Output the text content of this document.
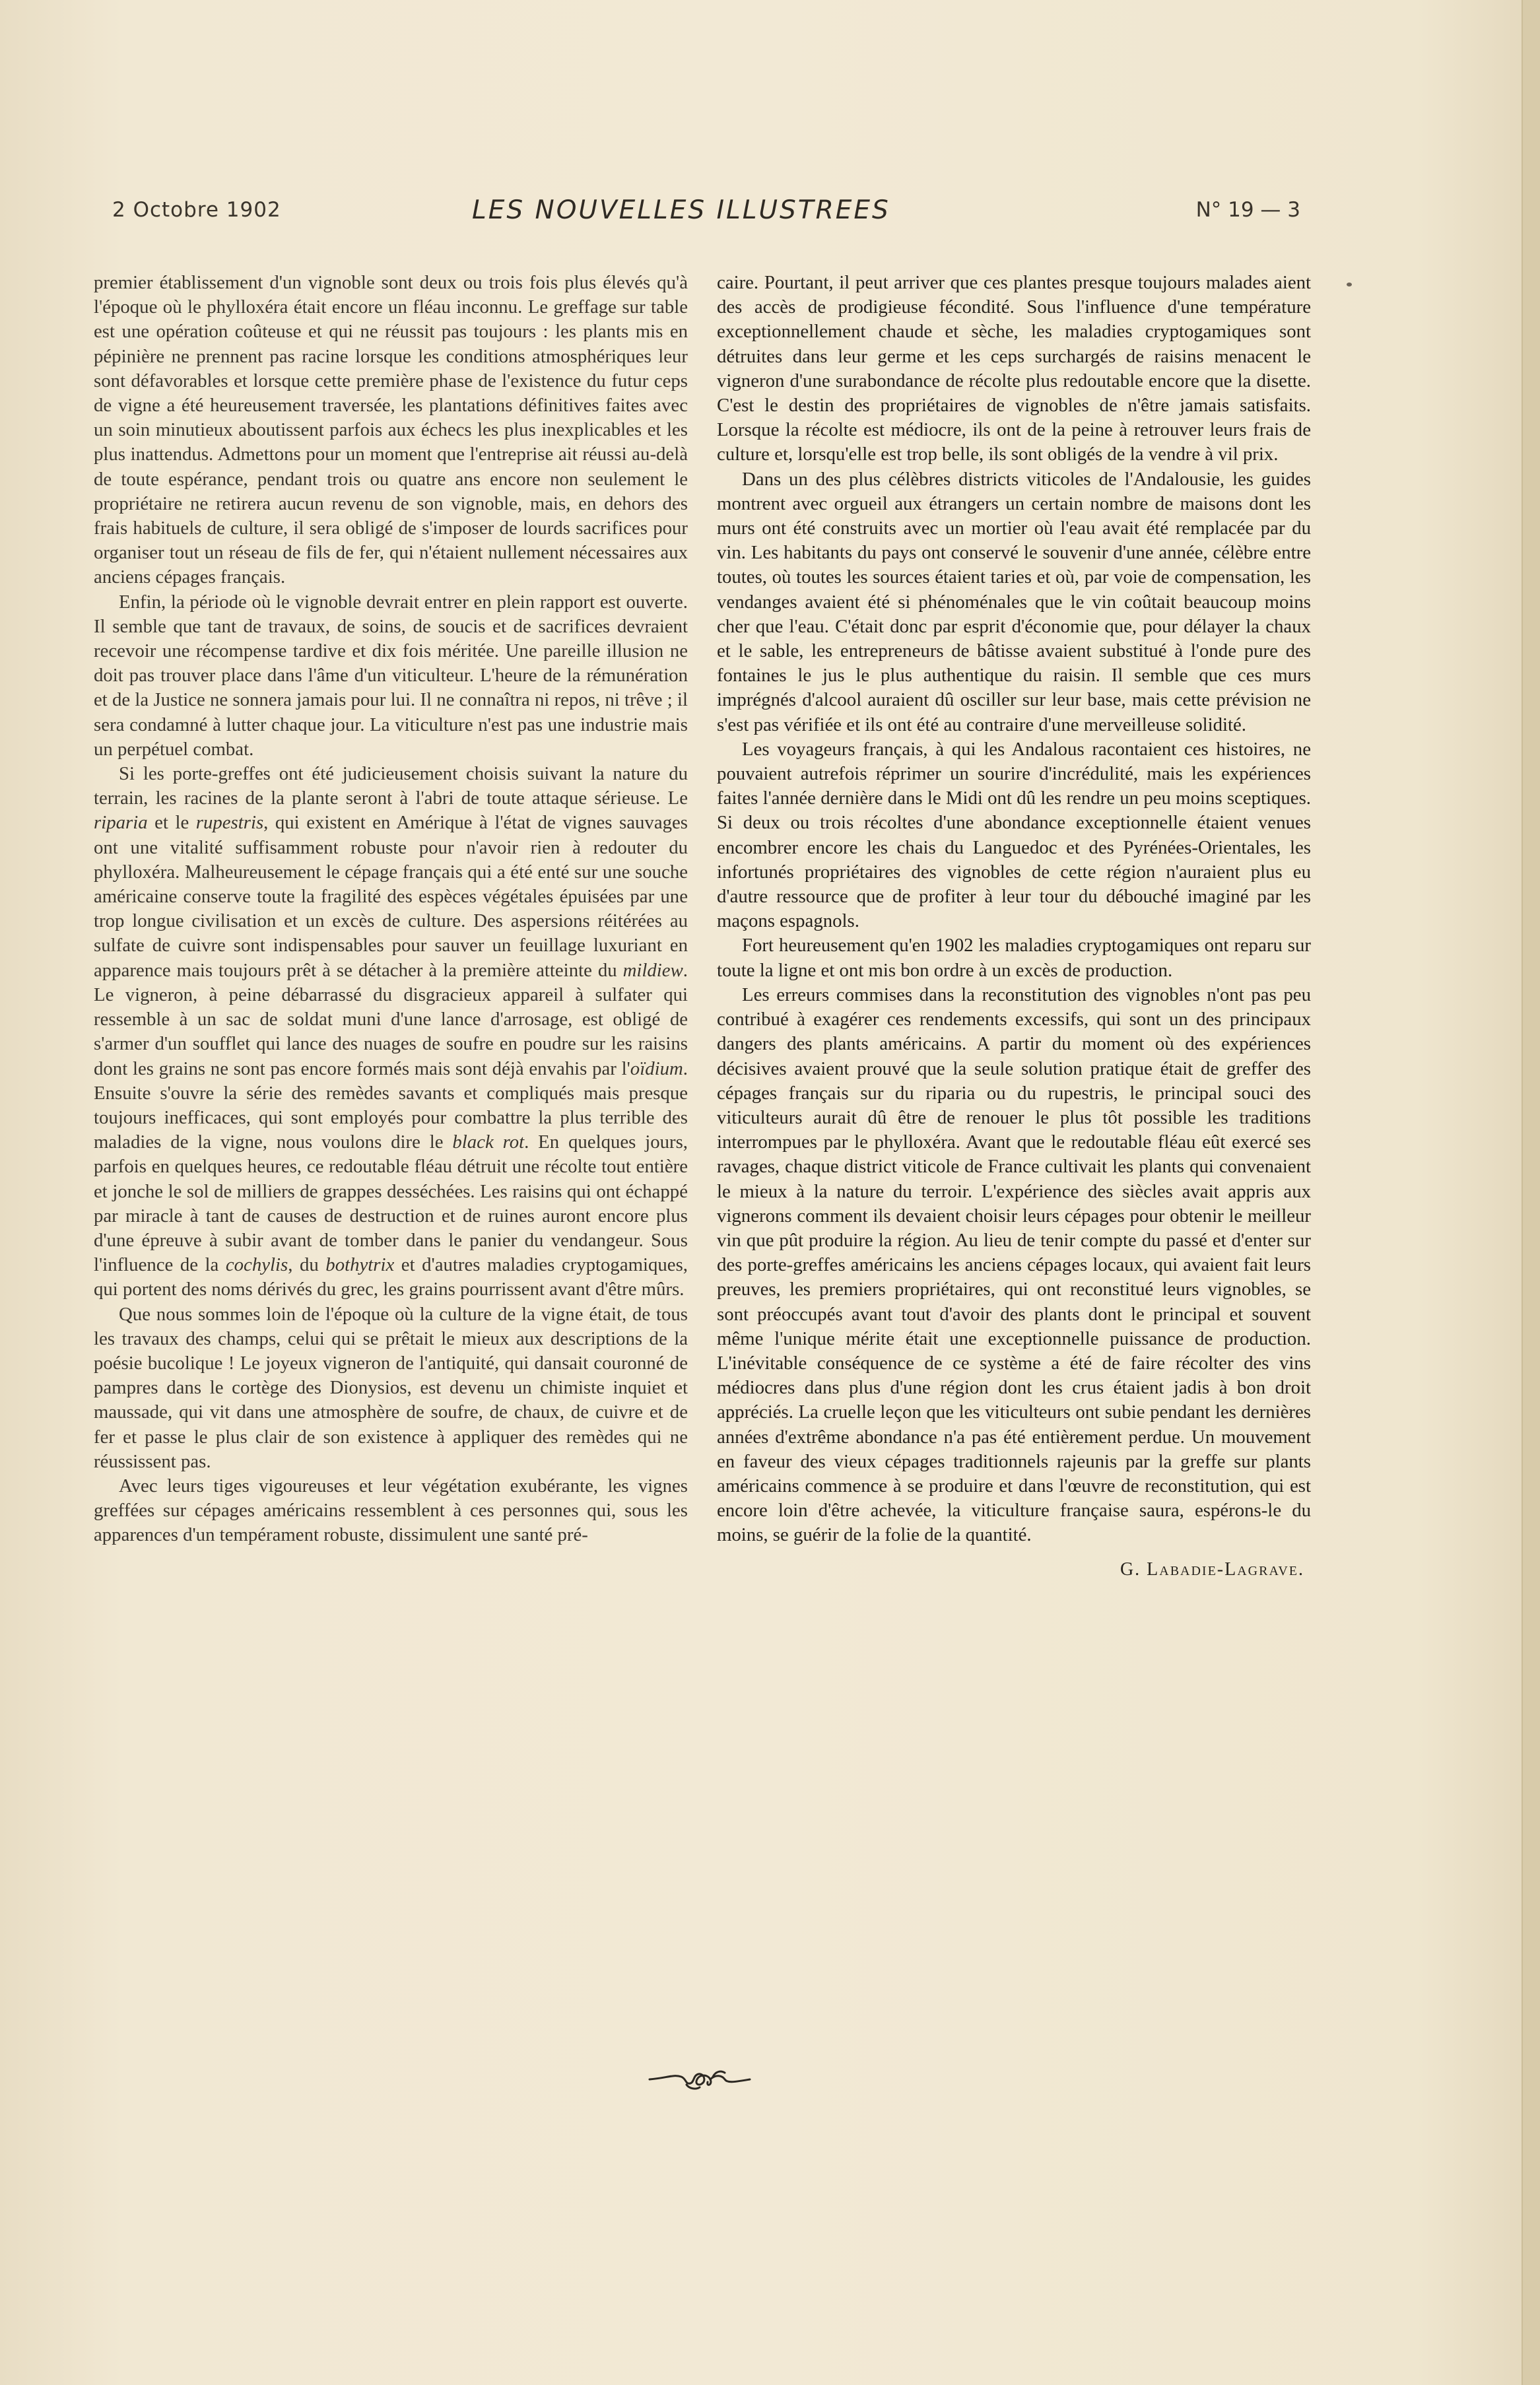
2 Octobre 1902	LES NOUVELLES ILLUSTREES	N° 19 — 3

premier établissement d'un vignoble sont deux ou trois fois plus élevés qu'à l'époque où le phylloxéra était encore un fléau inconnu. Le greffage sur table est une opération coûteuse et qui ne réussit pas toujours : les plants mis en pépinière ne prennent pas racine lorsque les conditions atmosphériques leur sont défavorables et lorsque cette première phase de l'existence du futur ceps de vigne a été heureusement traversée, les plantations définitives faites avec un soin minutieux aboutissent parfois aux échecs les plus inexplicables et les plus inattendus. Admettons pour un moment que l'entreprise ait réussi au-delà de toute espérance, pendant trois ou quatre ans encore non seulement le propriétaire ne retirera aucun revenu de son vignoble, mais, en dehors des frais habituels de culture, il sera obligé de s'imposer de lourds sacrifices pour organiser tout un réseau de fils de fer, qui n'étaient nullement nécessaires aux anciens cépages français.

Enfin, la période où le vignoble devrait entrer en plein rapport est ouverte. Il semble que tant de travaux, de soins, de soucis et de sacrifices devraient recevoir une récompense tardive et dix fois méritée. Une pareille illusion ne doit pas trouver place dans l'âme d'un viticulteur. L'heure de la rémunération et de la Justice ne sonnera jamais pour lui. Il ne connaîtra ni repos, ni trêve ; il sera condamné à lutter chaque jour. La viticulture n'est pas une industrie mais un perpétuel combat.

Si les porte-greffes ont été judicieusement choisis suivant la nature du terrain, les racines de la plante seront à l'abri de toute attaque sérieuse. Le riparia et le rupestris, qui existent en Amérique à l'état de vignes sauvages ont une vitalité suffisamment robuste pour n'avoir rien à redouter du phylloxéra. Malheureusement le cépage français qui a été enté sur une souche américaine conserve toute la fragilité des espèces végétales épuisées par une trop longue civilisation et un excès de culture. Des aspersions réitérées au sulfate de cuivre sont indispensables pour sauver un feuillage luxuriant en apparence mais toujours prêt à se détacher à la première atteinte du mildiew. Le vigneron, à peine débarrassé du disgracieux appareil à sulfater qui ressemble à un sac de soldat muni d'une lance d'arrosage, est obligé de s'armer d'un soufflet qui lance des nuages de soufre en poudre sur les raisins dont les grains ne sont pas encore formés mais sont déjà envahis par l'oïdium. Ensuite s'ouvre la série des remèdes savants et compliqués mais presque toujours inefficaces, qui sont employés pour combattre la plus terrible des maladies de la vigne, nous voulons dire le black rot. En quelques jours, parfois en quelques heures, ce redoutable fléau détruit une récolte tout entière et jonche le sol de milliers de grappes desséchées. Les raisins qui ont échappé par miracle à tant de causes de destruction et de ruines auront encore plus d'une épreuve à subir avant de tomber dans le panier du vendangeur. Sous l'influence de la cochylis, du bothytrix et d'autres maladies cryptogamiques, qui portent des noms dérivés du grec, les grains pourrissent avant d'être mûrs.

Que nous sommes loin de l'époque où la culture de la vigne était, de tous les travaux des champs, celui qui se prêtait le mieux aux descriptions de la poésie bucolique ! Le joyeux vigneron de l'antiquité, qui dansait couronné de pampres dans le cortège des Dionysios, est devenu un chimiste inquiet et maussade, qui vit dans une atmosphère de soufre, de chaux, de cuivre et de fer et passe le plus clair de son existence à appliquer des remèdes qui ne réussissent pas.

Avec leurs tiges vigoureuses et leur végétation exubérante, les vignes greffées sur cépages américains ressemblent à ces personnes qui, sous les apparences d'un tempérament robuste, dissimulent une santé pré-

caire. Pourtant, il peut arriver que ces plantes presque toujours malades aient des accès de prodigieuse fécondité. Sous l'influence d'une température exceptionnellement chaude et sèche, les maladies cryptogamiques sont détruites dans leur germe et les ceps surchargés de raisins menacent le vigneron d'une surabondance de récolte plus redoutable encore que la disette. C'est le destin des propriétaires de vignobles de n'être jamais satisfaits. Lorsque la récolte est médiocre, ils ont de la peine à retrouver leurs frais de culture et, lorsqu'elle est trop belle, ils sont obligés de la vendre à vil prix.

Dans un des plus célèbres districts viticoles de l'Andalousie, les guides montrent avec orgueil aux étrangers un certain nombre de maisons dont les murs ont été construits avec un mortier où l'eau avait été remplacée par du vin. Les habitants du pays ont conservé le souvenir d'une année, célèbre entre toutes, où toutes les sources étaient taries et où, par voie de compensation, les vendanges avaient été si phénoménales que le vin coûtait beaucoup moins cher que l'eau. C'était donc par esprit d'économie que, pour délayer la chaux et le sable, les entrepreneurs de bâtisse avaient substitué à l'onde pure des fontaines le jus le plus authentique du raisin. Il semble que ces murs imprégnés d'alcool auraient dû osciller sur leur base, mais cette prévision ne s'est pas vérifiée et ils ont été au contraire d'une merveilleuse solidité.

Les voyageurs français, à qui les Andalous racontaient ces histoires, ne pouvaient autrefois réprimer un sourire d'incrédulité, mais les expériences faites l'année dernière dans le Midi ont dû les rendre un peu moins sceptiques. Si deux ou trois récoltes d'une abondance exceptionnelle étaient venues encombrer encore les chais du Languedoc et des Pyrénées-Orientales, les infortunés propriétaires des vignobles de cette région n'auraient plus eu d'autre ressource que de profiter à leur tour du débouché imaginé par les maçons espagnols.

Fort heureusement qu'en 1902 les maladies cryptogamiques ont reparu sur toute la ligne et ont mis bon ordre à un excès de production.

Les erreurs commises dans la reconstitution des vignobles n'ont pas peu contribué à exagérer ces rendements excessifs, qui sont un des principaux dangers des plants américains. A partir du moment où des expériences décisives avaient prouvé que la seule solution pratique était de greffer des cépages français sur du riparia ou du rupestris, le principal souci des viticulteurs aurait dû être de renouer le plus tôt possible les traditions interrompues par le phylloxéra. Avant que le redoutable fléau eût exercé ses ravages, chaque district viticole de France cultivait les plants qui convenaient le mieux à la nature du terroir. L'expérience des siècles avait appris aux vignerons comment ils devaient choisir leurs cépages pour obtenir le meilleur vin que pût produire la région. Au lieu de tenir compte du passé et d'enter sur des porte-greffes américains les anciens cépages locaux, qui avaient fait leurs preuves, les premiers propriétaires, qui ont reconstitué leurs vignobles, se sont préoccupés avant tout d'avoir des plants dont le principal et souvent même l'unique mérite était une exceptionnelle puissance de production. L'inévitable conséquence de ce système a été de faire récolter des vins médiocres dans plus d'une région dont les crus étaient jadis à bon droit appréciés. La cruelle leçon que les viticulteurs ont subie pendant les dernières années d'extrême abondance n'a pas été entièrement perdue. Un mouvement en faveur des vieux cépages traditionnels rajeunis par la greffe sur plants américains commence à se produire et dans l'œuvre de reconstitution, qui est encore loin d'être achevée, la viticulture française saura, espérons-le du moins, se guérir de la folie de la quantité.

G. Labadie-Lagrave.
